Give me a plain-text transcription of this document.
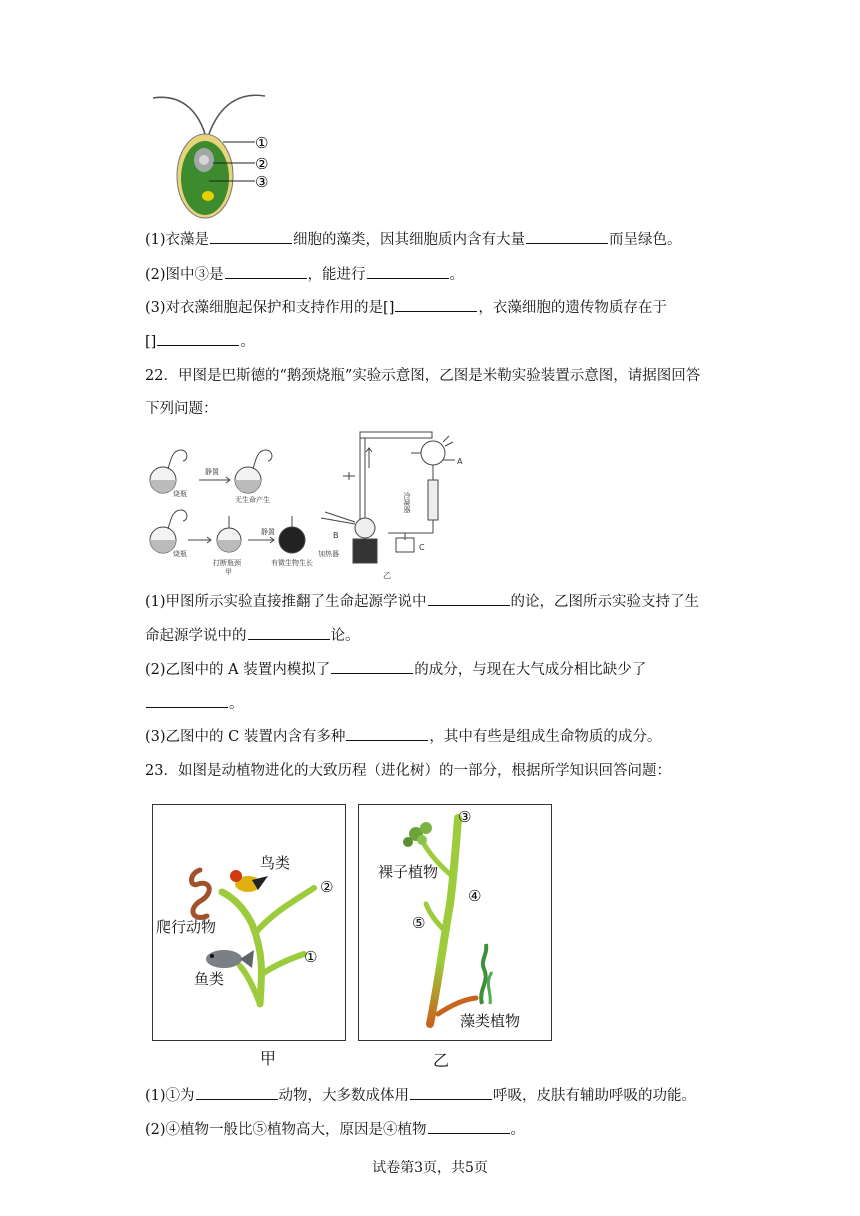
①
②
③
(1)衣藻是	细胞的藻类，因其细胞质内含有大量	而呈绿色。
(2)图中③是	，能进行	。
(3)对衣藻细胞起保护和支持作用的是[]	，衣藻细胞的遗传物质存在于
[]	。
22．甲图是巴斯德的“鹅颈烧瓶”实验示意图，乙图是米勒实验装置示意图，请据图回答
下列问题：
静置
烧瓶
无生命产生
烧瓶
静置
打断瓶颈
甲
有微生物生长
A
B
C
冷凝器
加热器
乙
(1)甲图所示实验直接推翻了生命起源学说中	的论，乙图所示实验支持了生
命起源学说中的	论。
(2)乙图中的 A 装置内模拟了	的成分，与现在大气成分相比缺少了
。
(3)乙图中的 C 装置内含有多种	，其中有些是组成生命物质的成分。
23．如图是动植物进化的大致历程（进化树）的一部分，根据所学知识回答问题：
鸟类
爬行动物
鱼类
②
①
③
裸子植物
④
⑤
藻类植物
甲	乙
(1)①为	动物，大多数成体用	呼吸，皮肤有辅助呼吸的功能。
(2)④植物一般比⑤植物高大，原因是④植物	。
试卷第3页，共5页
